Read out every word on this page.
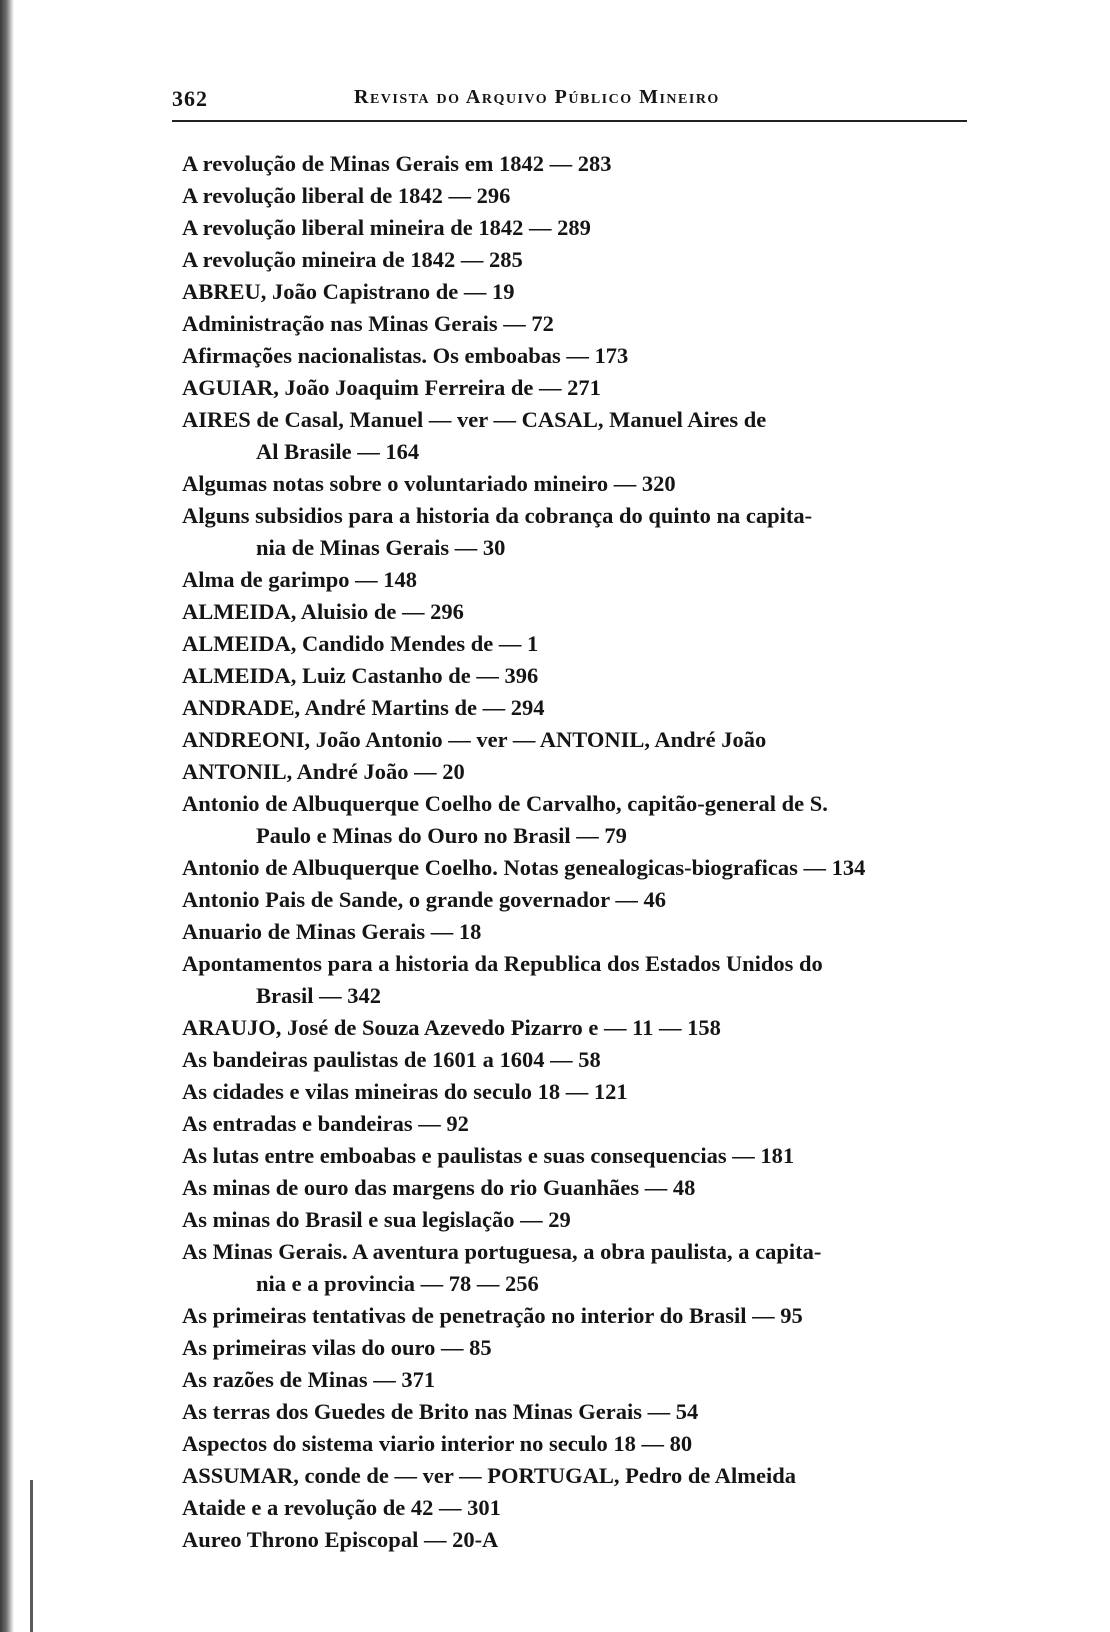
362	Revista do Arquivo Público Mineiro
A revolução de Minas Gerais em 1842 — 283
A revolução liberal de 1842 — 296
A revolução liberal mineira de 1842 — 289
A revolução mineira de 1842 — 285
ABREU, João Capistrano de — 19
Administração nas Minas Gerais — 72
Afirmações nacionalistas. Os emboabas — 173
AGUIAR, João Joaquim Ferreira de — 271
AIRES de Casal, Manuel — ver — CASAL, Manuel Aires de
Al Brasile — 164
Algumas notas sobre o voluntariado mineiro — 320
Alguns subsidios para a historia da cobrança do quinto na capita-
nia de Minas Gerais — 30
Alma de garimpo — 148
ALMEIDA, Aluisio de — 296
ALMEIDA, Candido Mendes de — 1
ALMEIDA, Luiz Castanho de — 396
ANDRADE, André Martins de — 294
ANDREONI, João Antonio — ver — ANTONIL, André João
ANTONIL, André João — 20
Antonio de Albuquerque Coelho de Carvalho, capitão-general de S.
Paulo e Minas do Ouro no Brasil — 79
Antonio de Albuquerque Coelho. Notas genealogicas-biograficas — 134
Antonio Pais de Sande, o grande governador — 46
Anuario de Minas Gerais — 18
Apontamentos para a historia da Republica dos Estados Unidos do
Brasil — 342
ARAUJO, José de Souza Azevedo Pizarro e — 11 — 158
As bandeiras paulistas de 1601 a 1604 — 58
As cidades e vilas mineiras do seculo 18 — 121
As entradas e bandeiras — 92
As lutas entre emboabas e paulistas e suas consequencias — 181
As minas de ouro das margens do rio Guanhães — 48
As minas do Brasil e sua legislação — 29
As Minas Gerais. A aventura portuguesa, a obra paulista, a capita-
nia e a provincia — 78 — 256
As primeiras tentativas de penetração no interior do Brasil — 95
As primeiras vilas do ouro — 85
As razões de Minas — 371
As terras dos Guedes de Brito nas Minas Gerais — 54
Aspectos do sistema viario interior no seculo 18 — 80
ASSUMAR, conde de — ver — PORTUGAL, Pedro de Almeida
Ataide e a revolução de 42 — 301
Aureo Throno Episcopal — 20-A
